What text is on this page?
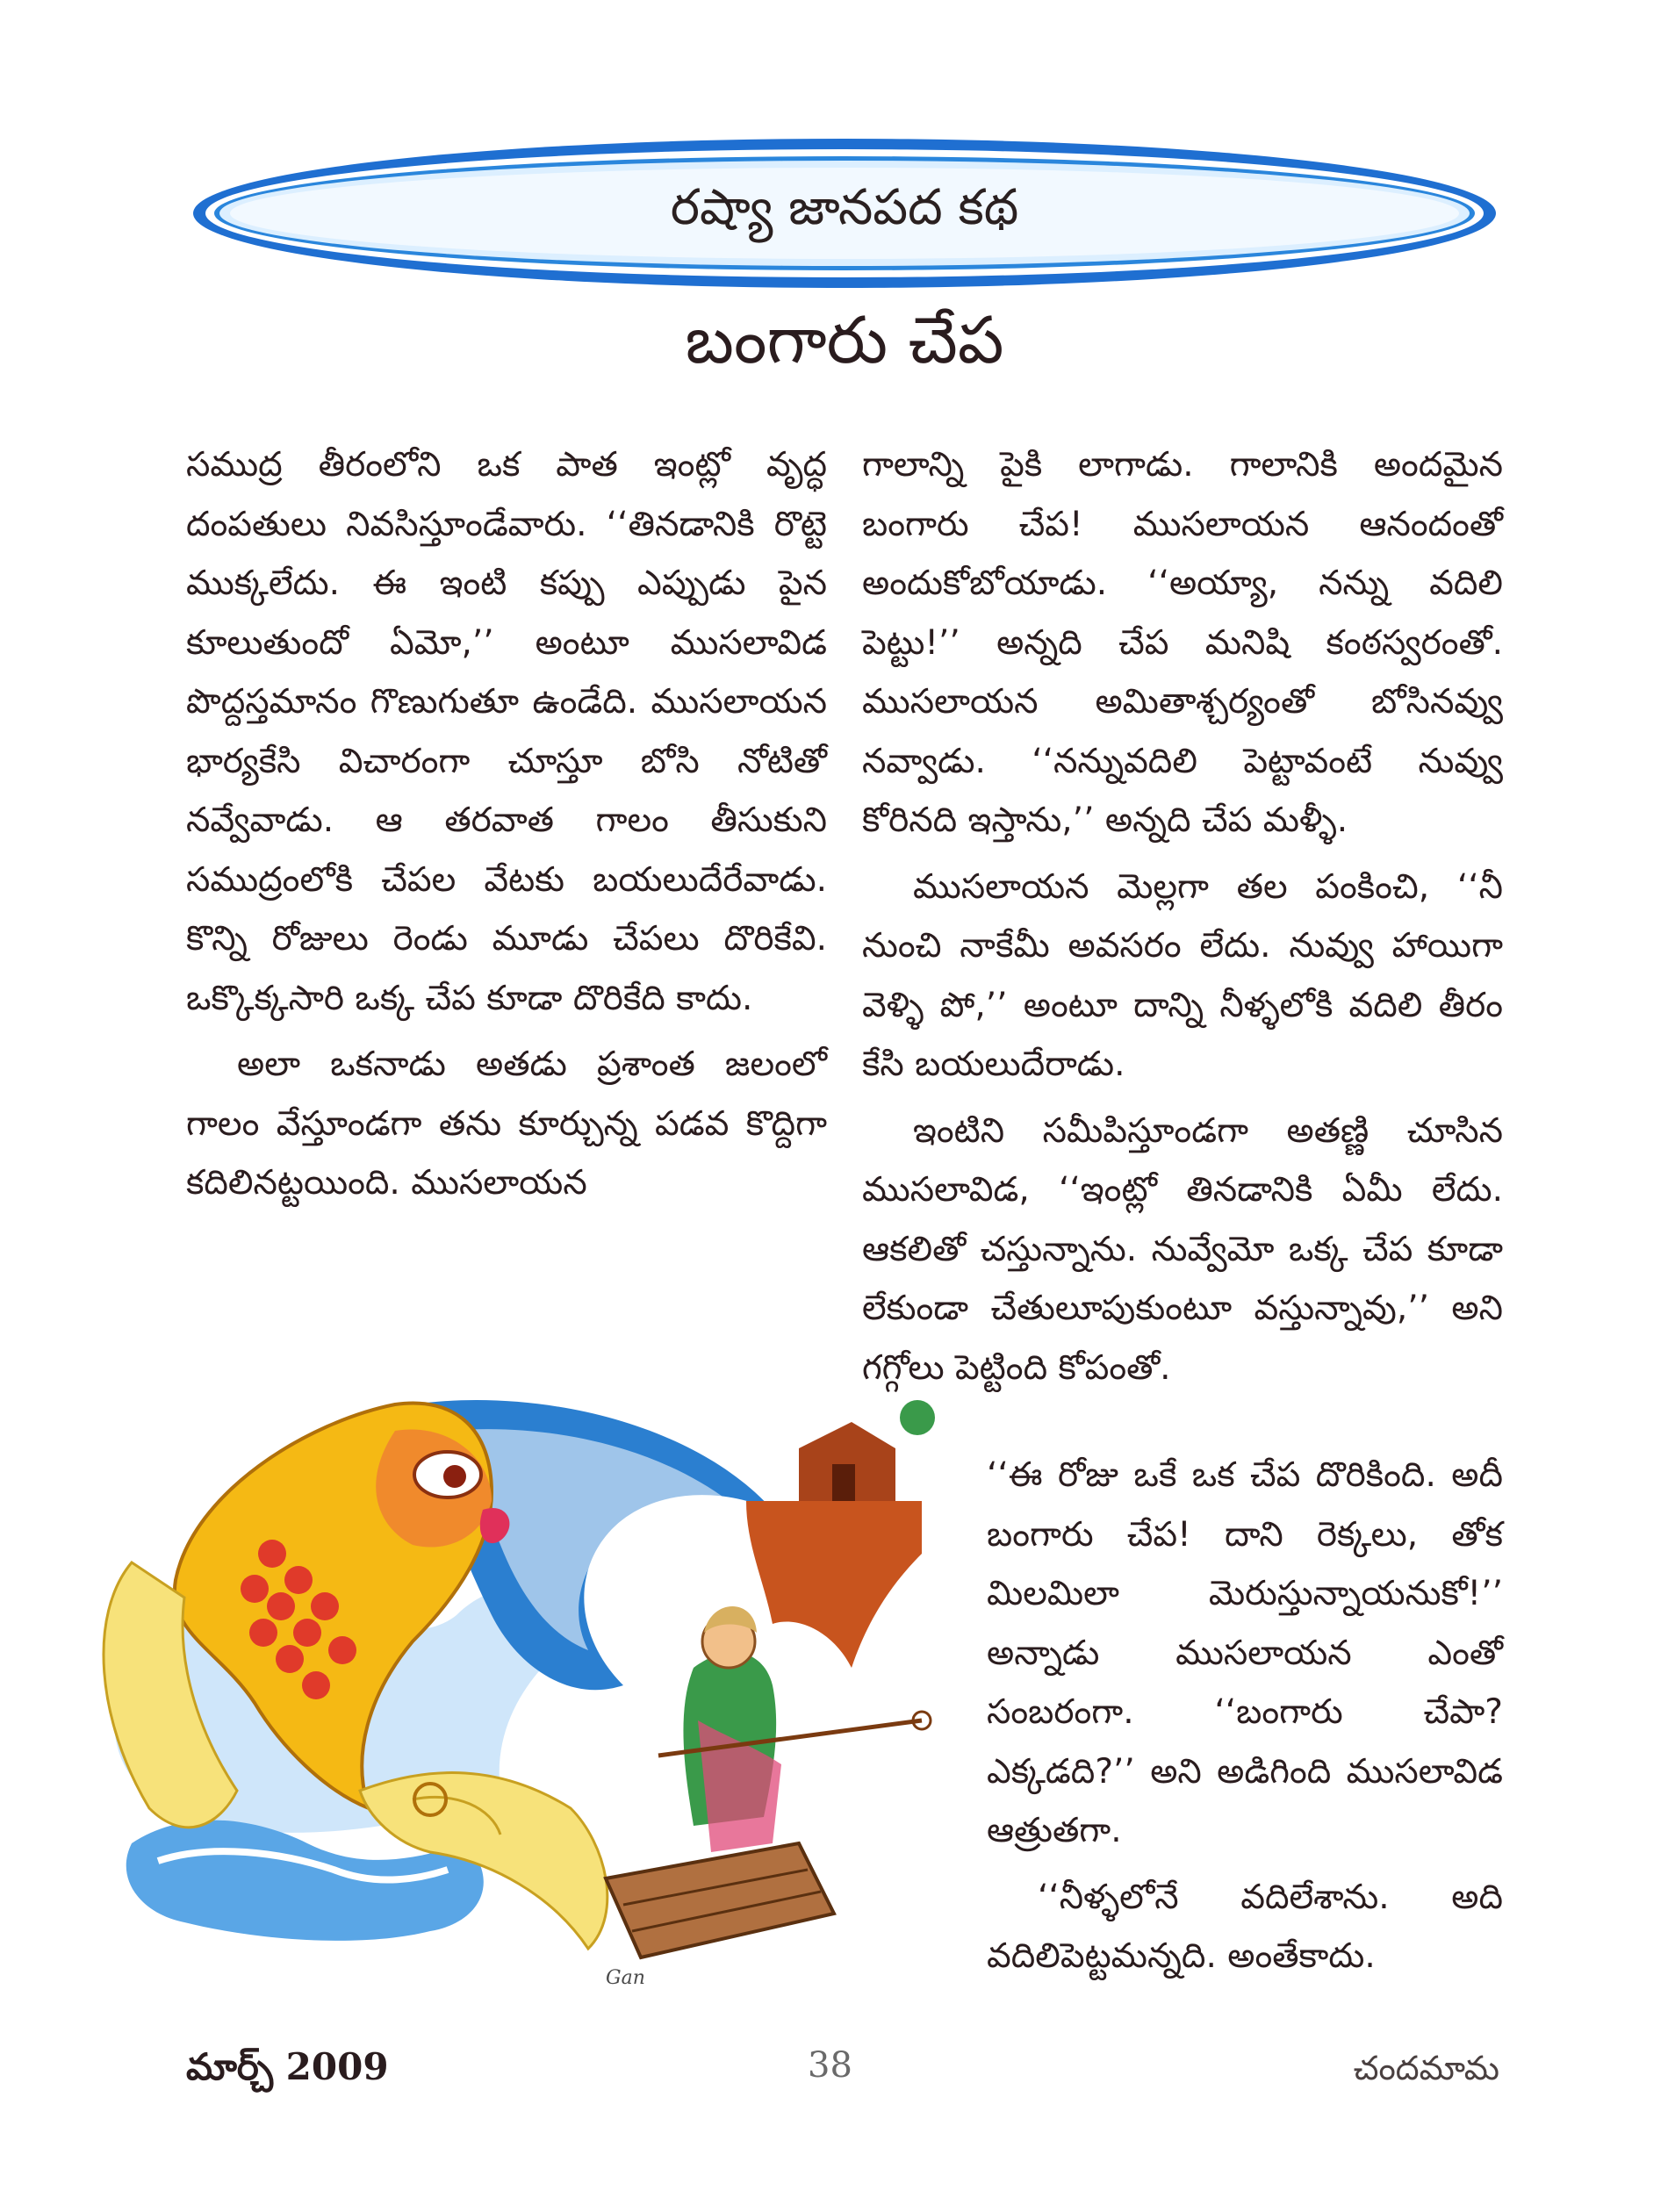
రష్యా జానపద కథ
బంగారు చేప

సముద్ర తీరంలోని ఒక పాత ఇంట్లో వృద్ధ దంపతులు నివసిస్తూండేవారు. ‘‘తినడానికి రొట్టె ముక్కలేదు. ఈ ఇంటి కప్పు ఎప్పుడు పైన కూలుతుందో ఏమో,’’ అంటూ ముసలావిడ పొద్దస్తమానం గొణుగుతూ ఉండేది. ముసలాయన భార్యకేసి విచారంగా చూస్తూ బోసి నోటితో నవ్వేవాడు. ఆ తరవాత గాలం తీసుకుని సముద్రంలోకి చేపల వేటకు బయలుదేరేవాడు. కొన్ని రోజులు రెండు మూడు చేపలు దొరికేవి. ఒక్కొక్కసారి ఒక్క చేప కూడా దొరికేది కాదు.

అలా ఒకనాడు అతడు ప్రశాంత జలంలో గాలం వేస్తూండగా తను కూర్చున్న పడవ కొద్దిగా కదిలినట్టయింది. ముసలాయన

గాలాన్ని పైకి లాగాడు. గాలానికి అందమైన బంగారు చేప! ముసలాయన ఆనందంతో అందుకోబోయాడు. ‘‘అయ్యా, నన్ను వదిలి పెట్టు!’’ అన్నది చేప మనిషి కంఠస్వరంతో. ముసలాయన అమితాశ్చర్యంతో బోసినవ్వు నవ్వాడు. ‘‘నన్నువదిలి పెట్టావంటే నువ్వు కోరినది ఇస్తాను,’’ అన్నది చేప మళ్ళీ.

ముసలాయన మెల్లగా తల పంకించి, ‘‘నీ నుంచి నాకేమీ అవసరం లేదు. నువ్వు హాయిగా వెళ్ళి పో,’’ అంటూ దాన్ని నీళ్ళలోకి వదిలి తీరం కేసి బయలుదేరాడు.

ఇంటిని సమీపిస్తూండగా అతణ్ణి చూసిన ముసలావిడ, ‘‘ఇంట్లో తినడానికి ఏమీ లేదు. ఆకలితో చస్తున్నాను. నువ్వేమో ఒక్క చేప కూడా లేకుండా చేతులూపుకుంటూ వస్తున్నావు,’’ అని గగ్గోలు పెట్టింది కోపంతో.

‘‘ఈ రోజు ఒకే ఒక చేప దొరికింది. అదీ బంగారు చేప! దాని రెక్కలు, తోక మిలమిలా మెరుస్తున్నాయనుకో!’’ అన్నాడు ముసలాయన ఎంతో సంబరంగా. ‘‘బంగారు చేపా? ఎక్కడది?’’ అని అడిగింది ముసలావిడ ఆత్రుతగా.

‘‘నీళ్ళలోనే వదిలేశాను. అది వదిలిపెట్టమన్నది. అంతేకాదు.

Gan
మార్చ్ 2009	38	చందమామ
